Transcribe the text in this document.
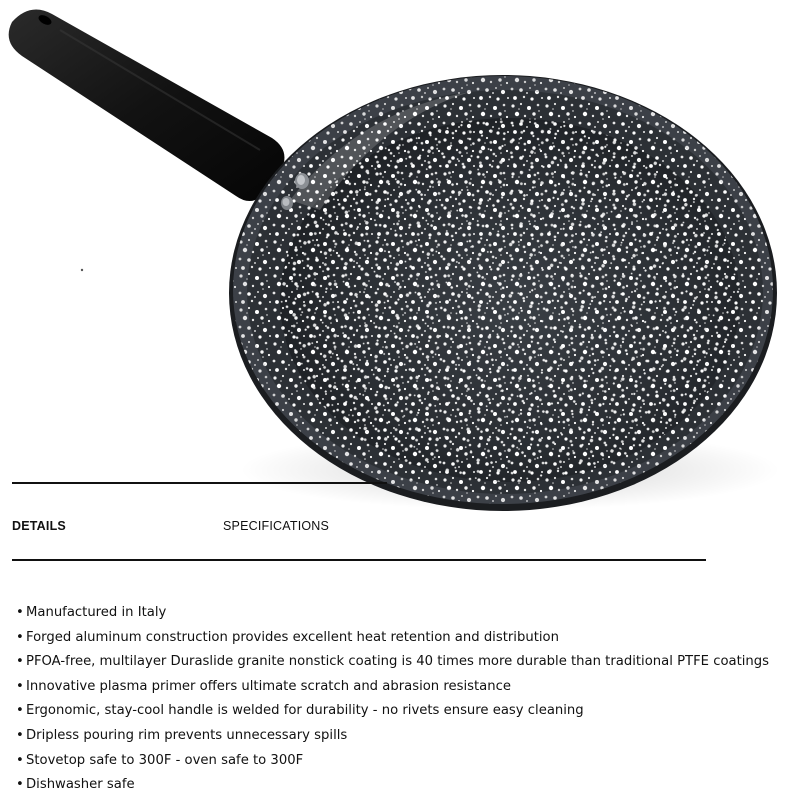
DETAILS	SPECIFICATIONS
• Manufactured in Italy
• Forged aluminum construction provides excellent heat retention and distribution
• PFOA-free, multilayer Duraslide granite nonstick coating is 40 times more durable than traditional PTFE coatings
• Innovative plasma primer offers ultimate scratch and abrasion resistance
• Ergonomic, stay-cool handle is welded for durability - no rivets ensure easy cleaning
• Dripless pouring rim prevents unnecessary spills
• Stovetop safe to 300F - oven safe to 300F
• Dishwasher safe
